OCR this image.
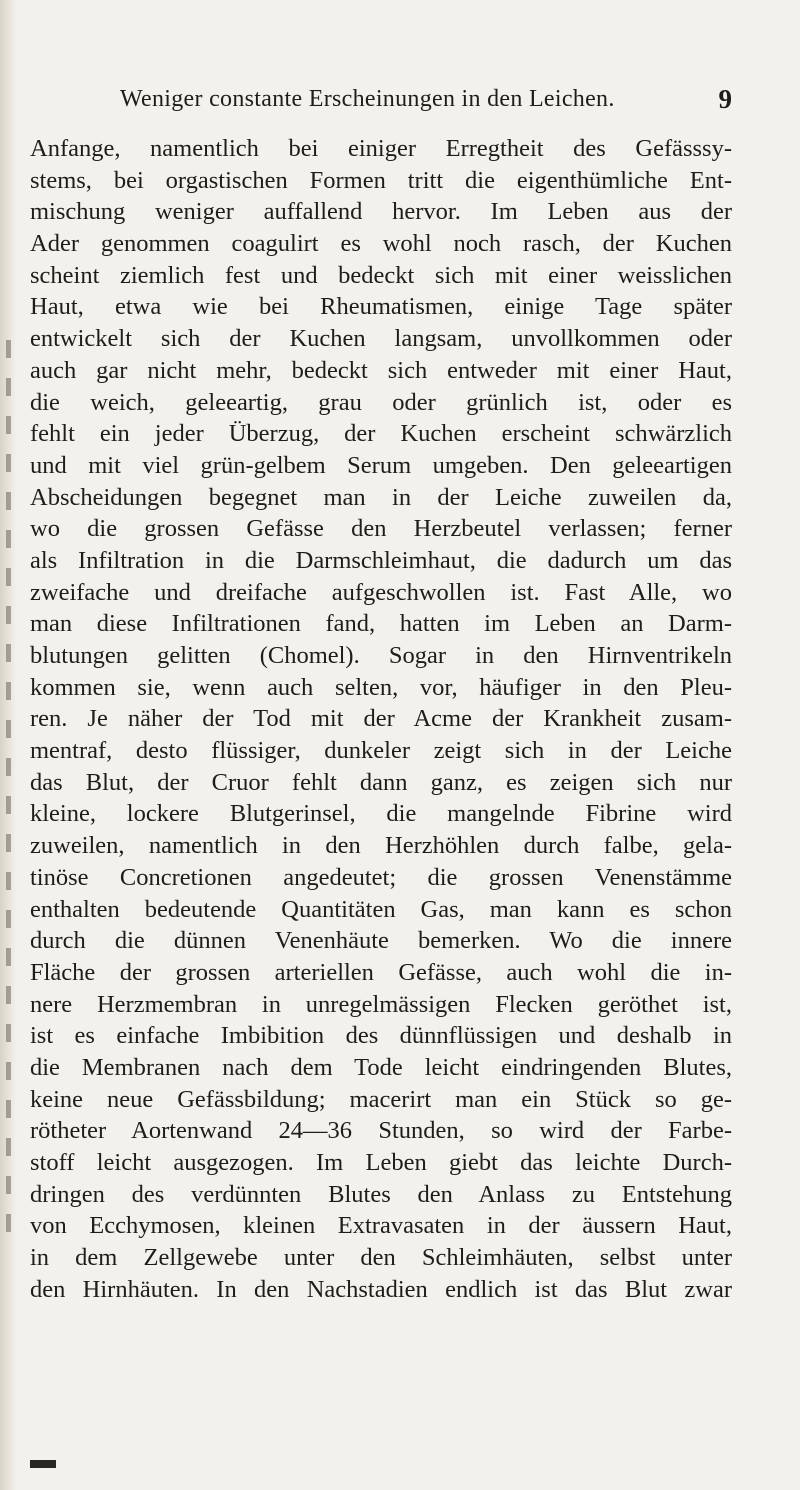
Weniger constante Erscheinungen in den Leichen.	9
Anfange, namentlich bei einiger Erregtheit des Gefässsy-
stems, bei orgastischen Formen tritt die eigenthümliche Ent-
mischung weniger auffallend hervor. Im Leben aus der
Ader genommen coagulirt es wohl noch rasch, der Kuchen
scheint ziemlich fest und bedeckt sich mit einer weisslichen
Haut, etwa wie bei Rheumatismen, einige Tage später
entwickelt sich der Kuchen langsam, unvollkommen oder
auch gar nicht mehr, bedeckt sich entweder mit einer Haut,
die weich, geleeartig, grau oder grünlich ist, oder es
fehlt ein jeder Überzug, der Kuchen erscheint schwärzlich
und mit viel grün-gelbem Serum umgeben. Den geleeartigen
Abscheidungen begegnet man in der Leiche zuweilen da,
wo die grossen Gefässe den Herzbeutel verlassen; ferner
als Infiltration in die Darmschleimhaut, die dadurch um das
zweifache und dreifache aufgeschwollen ist. Fast Alle, wo
man diese Infiltrationen fand, hatten im Leben an Darm-
blutungen gelitten (Chomel). Sogar in den Hirnventrikeln
kommen sie, wenn auch selten, vor, häufiger in den Pleu-
ren. Je näher der Tod mit der Acme der Krankheit zusam-
mentraf, desto flüssiger, dunkeler zeigt sich in der Leiche
das Blut, der Cruor fehlt dann ganz, es zeigen sich nur
kleine, lockere Blutgerinsel, die mangelnde Fibrine wird
zuweilen, namentlich in den Herzhöhlen durch falbe, gela-
tinöse Concretionen angedeutet; die grossen Venenstämme
enthalten bedeutende Quantitäten Gas, man kann es schon
durch die dünnen Venenhäute bemerken. Wo die innere
Fläche der grossen arteriellen Gefässe, auch wohl die in-
nere Herzmembran in unregelmässigen Flecken geröthet ist,
ist es einfache Imbibition des dünnflüssigen und deshalb in
die Membranen nach dem Tode leicht eindringenden Blutes,
keine neue Gefässbildung; macerirt man ein Stück so ge-
rötheter Aortenwand 24—36 Stunden, so wird der Farbe-
stoff leicht ausgezogen. Im Leben giebt das leichte Durch-
dringen des verdünnten Blutes den Anlass zu Entstehung
von Ecchymosen, kleinen Extravasaten in der äussern Haut,
in dem Zellgewebe unter den Schleimhäuten, selbst unter
den Hirnhäuten. In den Nachstadien endlich ist das Blut zwar
